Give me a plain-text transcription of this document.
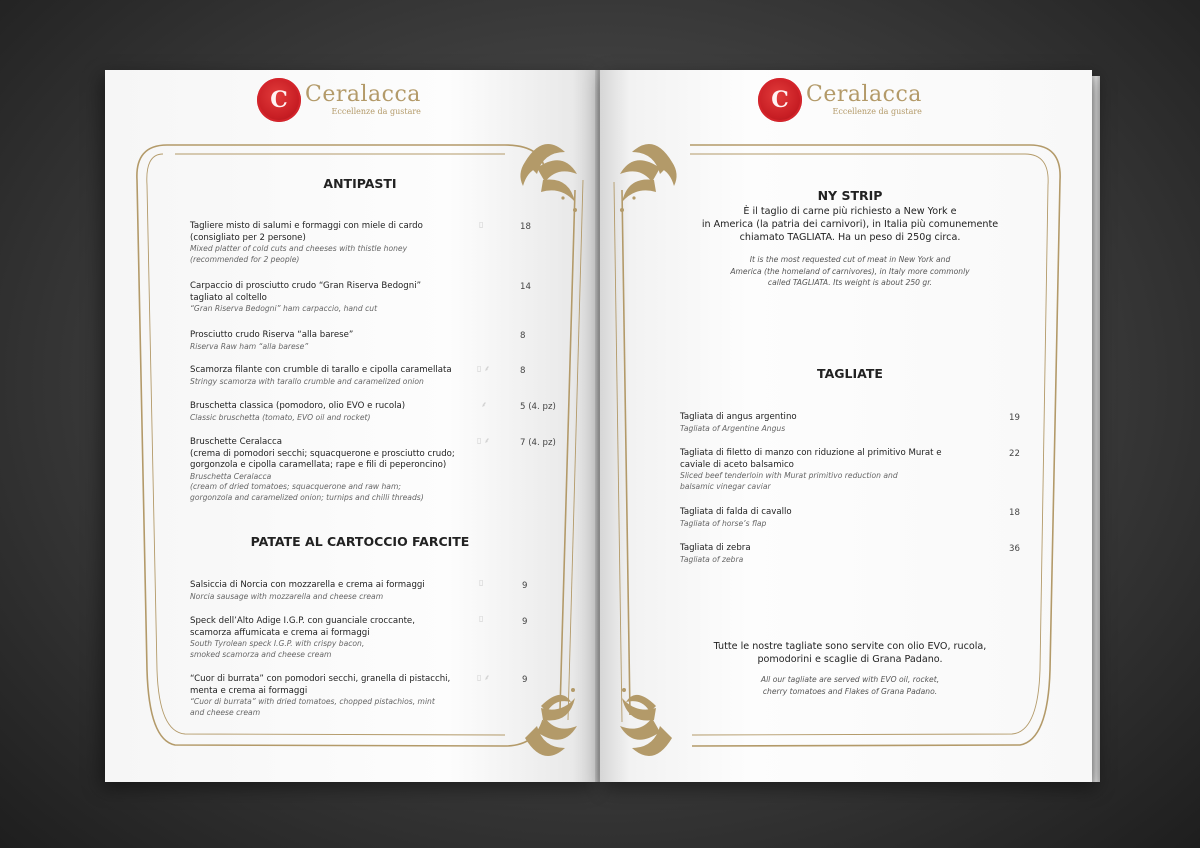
C Ceralacca
Eccellenze da gustare
ANTIPASTI
Tagliere misto di salumi e formaggi con miele di cardo
(consigliato per 2 persone)
Mixed platter of cold cuts and cheeses with thistle honey
(recommended for 2 people)
▯	18
Carpaccio di prosciutto crudo “Gran Riserva Bedogni”
tagliato al coltello
“Gran Riserva Bedogni” ham carpaccio, hand cut
14
Prosciutto crudo Riserva “alla barese”
Riserva Raw ham “alla barese”
8
Scamorza filante con crumble di tarallo e cipolla caramellata
Stringy scamorza with tarallo crumble and caramelized onion
▯ ⸙	8
Bruschetta classica (pomodoro, olio EVO e rucola)
Classic bruschetta (tomato, EVO oil and rocket)
⸙	5 (4. pz)
Bruschette Ceralacca
(crema di pomodori secchi; squacquerone e prosciutto crudo;
gorgonzola e cipolla caramellata; rape e fili di peperoncino)
Bruschetta Ceralacca
(cream of dried tomatoes; squacquerone and raw ham;
gorgonzola and caramelized onion; turnips and chilli threads)
▯ ⸙	7 (4. pz)
PATATE AL CARTOCCIO FARCITE
Salsiccia di Norcia con mozzarella e crema ai formaggi
Norcia sausage with mozzarella and cheese cream
▯	9
Speck dell’Alto Adige I.G.P. con guanciale croccante,
scamorza affumicata e crema ai formaggi
South Tyrolean speck I.G.P. with crispy bacon,
smoked scamorza and cheese cream
▯	9
“Cuor di burrata” con pomodori secchi, granella di pistacchi,
menta e crema ai formaggi
“Cuor di burrata” with dried tomatoes, chopped pistachios, mint
and cheese cream
▯ ⸙	9
C Ceralacca
Eccellenze da gustare
NY STRIP
È il taglio di carne più richiesto a New York e
in America (la patria dei carnivori), in Italia più comunemente
chiamato TAGLIATA. Ha un peso di 250g circa.
It is the most requested cut of meat in New York and
America (the homeland of carnivores), in Italy more commonly
called TAGLIATA. Its weight is about 250 gr.
TAGLIATE
Tagliata di angus argentino
Tagliata of Argentine Angus
19
Tagliata di filetto di manzo con riduzione al primitivo Murat e
caviale di aceto balsamico
Sliced beef tenderloin with Murat primitivo reduction and
balsamic vinegar caviar
22
Tagliata di falda di cavallo
Tagliata of horse’s flap
18
Tagliata di zebra
Tagliata of zebra
36
Tutte le nostre tagliate sono servite con olio EVO, rucola,
pomodorini e scaglie di Grana Padano.
All our tagliate are served with EVO oil, rocket,
cherry tomatoes and Flakes of Grana Padano.
